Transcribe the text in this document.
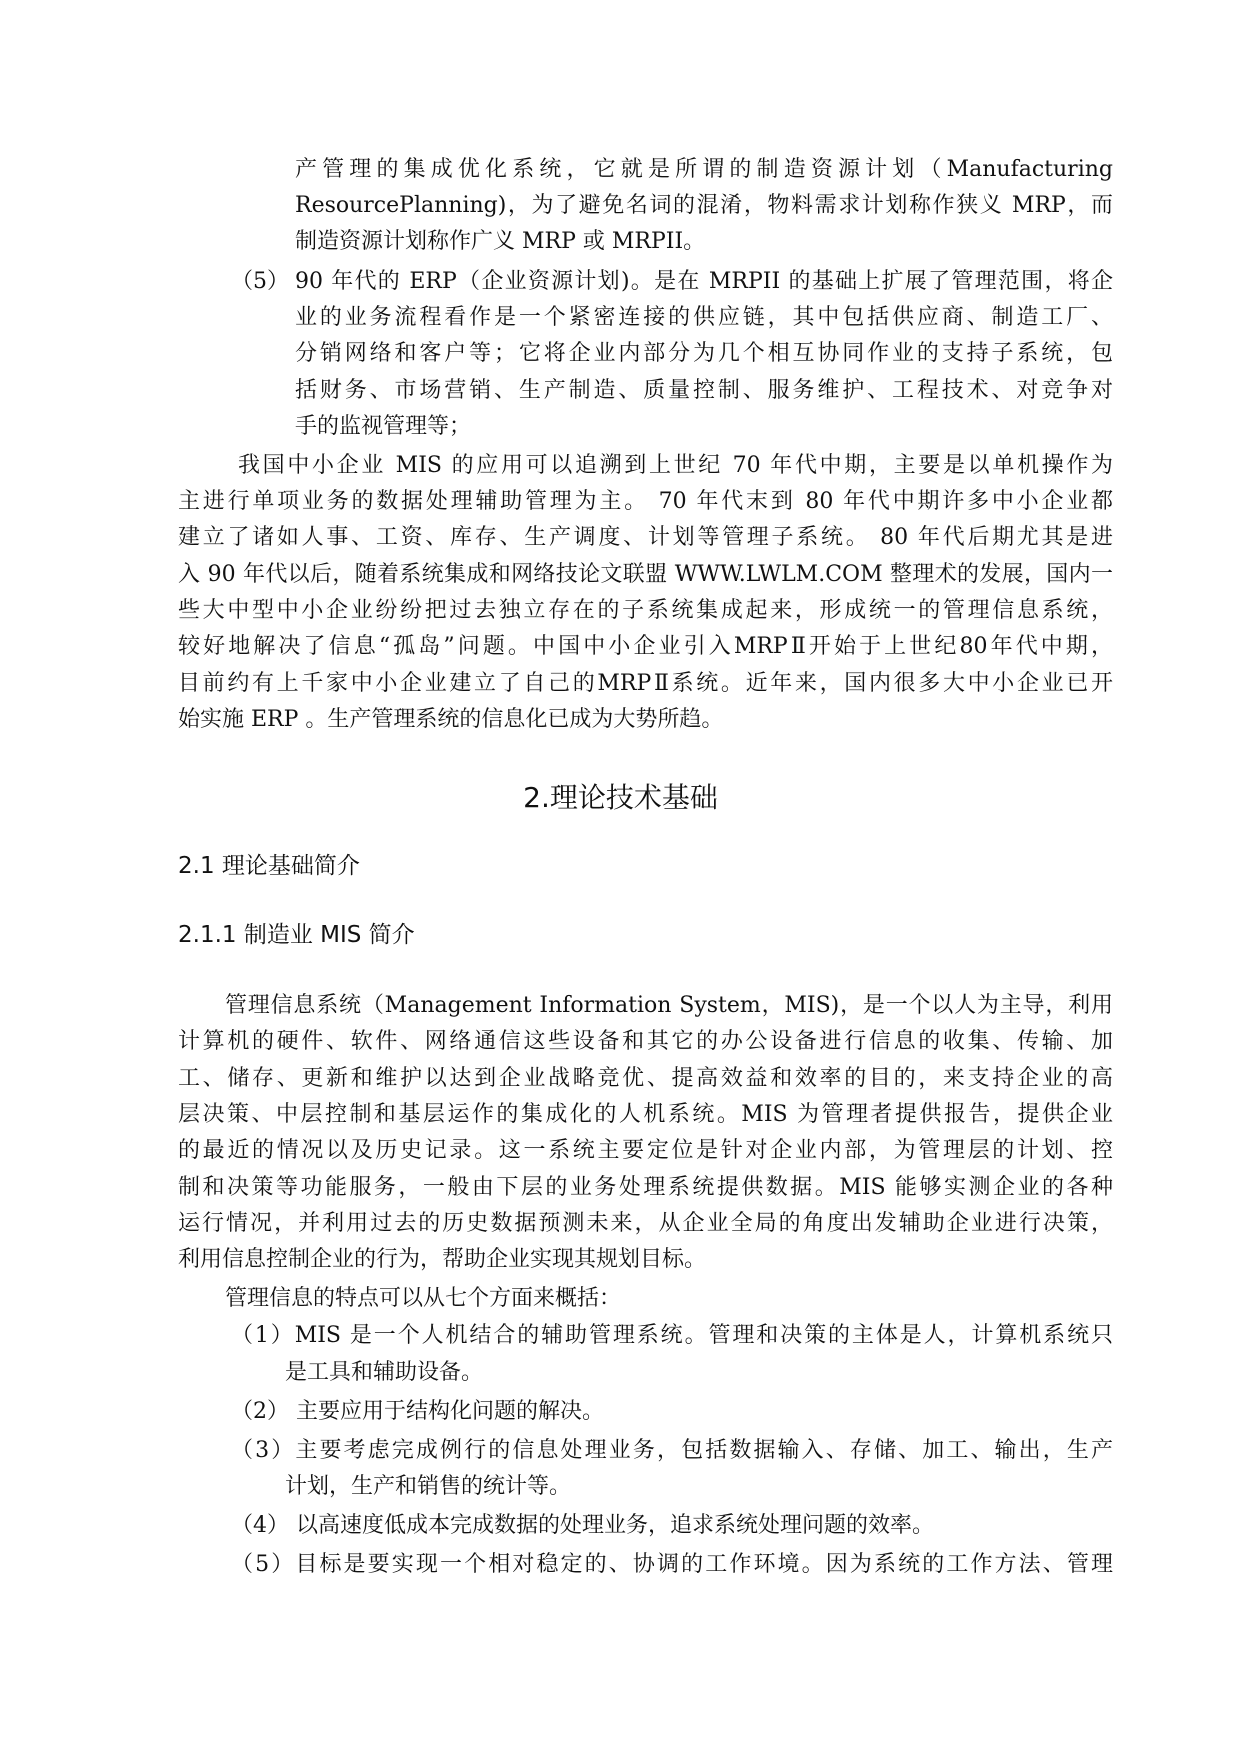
产管理的集成优化系统，它就是所谓的制造资源计划（Manufacturing
ResourcePlanning)，为了避免名词的混淆，物料需求计划称作狭义 MRP，而
制造资源计划称作广义 MRP 或 MRPII。
（5） 90 年代的 ERP（企业资源计划)。是在 MRPII 的基础上扩展了管理范围，将企
业的业务流程看作是一个紧密连接的供应链，其中包括供应商、制造工厂、
分销网络和客户等；它将企业内部分为几个相互协同作业的支持子系统，包
括财务、市场营销、生产制造、质量控制、服务维护、工程技术、对竞争对
手的监视管理等；
我国中小企业 MIS 的应用可以追溯到上世纪 70 年代中期，主要是以单机操作为
主进行单项业务的数据处理辅助管理为主。 70 年代末到 80 年代中期许多中小企业都
建立了诸如人事、工资、库存、生产调度、计划等管理子系统。 80 年代后期尤其是进
入 90 年代以后，随着系统集成和网络技论文联盟 WWW.LWLM.COM 整理术的发展，国内一
些大中型中小企业纷纷把过去独立存在的子系统集成起来，形成统一的管理信息系统，
较好地解决了信息“孤岛”问题。中国中小企业引入MRPⅡ开始于上世纪80年代中期，
目前约有上千家中小企业建立了自己的MRPⅡ系统。近年来，国内很多大中小企业已开
始实施 ERP 。生产管理系统的信息化已成为大势所趋。
2.理论技术基础
2.1 理论基础简介
2.1.1 制造业 MIS 简介
管理信息系统（Management Information System，MIS)，是一个以人为主导，利用
计算机的硬件、软件、网络通信这些设备和其它的办公设备进行信息的收集、传输、加
工、储存、更新和维护以达到企业战略竞优、提高效益和效率的目的，来支持企业的高
层决策、中层控制和基层运作的集成化的人机系统。MIS 为管理者提供报告，提供企业
的最近的情况以及历史记录。这一系统主要定位是针对企业内部，为管理层的计划、控
制和决策等功能服务，一般由下层的业务处理系统提供数据。MIS 能够实测企业的各种
运行情况，并利用过去的历史数据预测未来，从企业全局的角度出发辅助企业进行决策，
利用信息控制企业的行为，帮助企业实现其规划目标。
管理信息的特点可以从七个方面来概括：
（1）MIS 是一个人机结合的辅助管理系统。管理和决策的主体是人，计算机系统只
是工具和辅助设备。
（2） 主要应用于结构化问题的解决。
（3）主要考虑完成例行的信息处理业务，包括数据输入、存储、加工、输出，生产
计划，生产和销售的统计等。
（4） 以高速度低成本完成数据的处理业务，追求系统处理问题的效率。
（5）目标是要实现一个相对稳定的、协调的工作环境。因为系统的工作方法、管理
